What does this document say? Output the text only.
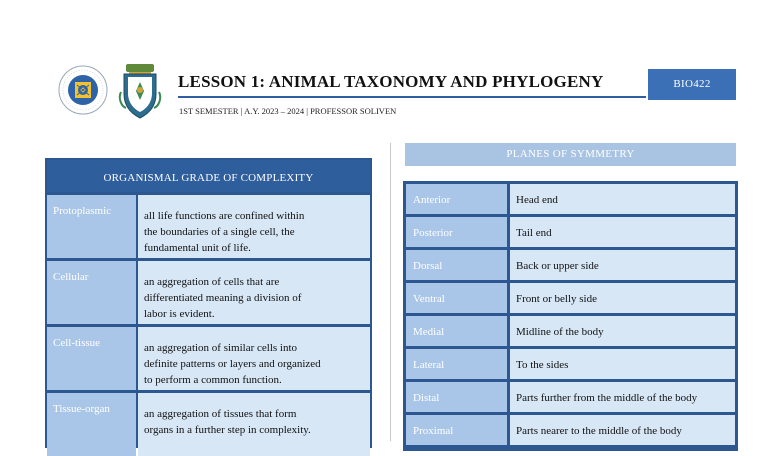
LESSON 1: ANIMAL TAXONOMY AND PHYLOGENY	BIO422
1ST SEMESTER | A.Y. 2023 – 2024 | PROFESSOR SOLIVEN
ORGANISMAL GRADE OF COMPLEXITY
Protoplasmic	all life functions are confined within
the boundaries of a single cell, the
fundamental unit of life.
Cellular	an aggregation of cells that are
differentiated meaning a division of
labor is evident.
Cell-tissue	an aggregation of similar cells into
definite patterns or layers and organized
to perform a common function.
Tissue-organ	an aggregation of tissues that form
organs in a further step in complexity.
PLANES OF SYMMETRY
Anterior	Head end
Posterior	Tail end
Dorsal	Back or upper side
Ventral	Front or belly side
Medial	Midline of the body
Lateral	To the sides
Distal	Parts further from the middle of the body
Proximal	Parts nearer to the middle of the body
